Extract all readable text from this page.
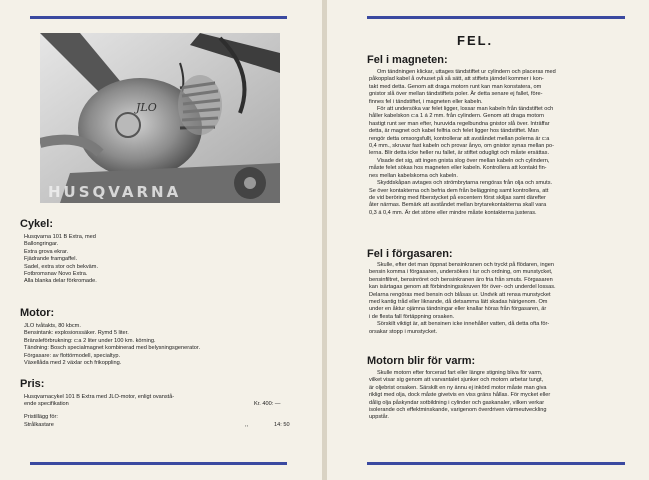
JLO
HUSQVARNA
Cykel:
Husqvarna 101 B Extra, med
Ballongringar.
Extra grova ekrar.
Fjädrande framgaffel.
Sadel, extra stor och bekväm.
Fotbromsnav Novo Extra.
Alla blanka delar förkromade.
Motor:
JLO tvåtakts, 80 kbcm.
Bensintank: explosionssäker. Rymd 5 liter.
Bränsleförbrukning: c:a 2 liter under 100 km. körning.
Tändning: Bosch specialmagnet kombinerad med belysningsgenerator.
Förgasare: av flottörmodell, specialtyp.
Växellåda med 2 växlar och frikoppling.
Pris:
Husqvarnacykel 101 B Extra med JLO-motor, enligt ovanstå-
ende specifikation	Kr. 400: —
Pristillägg för:
Strålkastare	,,	14: 50
FEL.
Fel i magneten:
Om tändningen klickar, uttages tändstiftet ur cylindern och placeras med
påkopplad kabel å ovhuset på så sätt, att stiftets järndel kommer i kon-
takt med detta. Genom att draga motorn runt kan man konstatera, om
gnistor slå över mellan tändstiftets poler. Är detta senare ej fallet, före-
finnes fel i tändstiftet, i magneten eller kabeln.
För att undersöka var felet ligger, lossar man kabeln från tändstiftet och
håller kabelskon c:a 1 á 2 mm. från cylindern. Genom att draga motorn
hastigt runt ser man efter, huruvida regelbundna gnistor slå över. Inträffar
detta, är magnet och kabel felfria och felet ligger hos tändstiftet. Man
rengör detta omsorgsfullt, kontrollerar att avståndet mellan polerna är c:a
0,4 mm., skruvar fast kabeln och provar ånyo, om gnistor synas mellan po-
lerna. Blir detta icke heller nu fallet, är stiftet odugligt och måste ersättas.
Visade det sig, att ingen gnista slog över mellan kabeln och cylindern,
måste felet sökas hos magneten eller kabeln. Kontrollera att kontakt fin-
nes mellan kabelskorna och kabeln.
Skyddskåpan avtages och strömbrytarna rengöras från olja och smuts.
Se över kontakterna och befria dem från beläggning samt kontrollera, att
de vid beröring med fiberstycket på excentern först skiljas samt därefter
åter närmas. Bemärk att avståndet mellan brytarekontakterna skall vara
0,3 á 0,4 mm. Är det större eller mindre måste kontakterna justeras.
Fel i förgasaren:
Skulle, efter det man öppnat bensinkranen och tryckt på flödaren, ingen
bensin komma i förgasaren, undersökes i tur och ordning, om munstycket,
bensinfiltret, bensinröret och bensinkranen äro fria från smuts. Förgasaren
kan isärtagas genom att förbindningsskruven för över- och underdel lossas.
Delarna rengöras med bensin och blåsas ur. Undvik att rensa munstycket
med kantig tråd eller liknande, då detsamma lätt skadas härigenom. Om
under en åktur ojämna tändningar eller knallar höras från förgasaren, är
i de flesta fall förtäppning orsaken.
Sörskilt viktigt är, att bensinen icke innehåller vatten, då detta ofta för-
orsakar stopp i munstycket.
Motorn blir för varm:
Skulle motorn efter forcerad fart eller längre stigning bliva för varm,
vilket visar sig genom att varvantalet sjunker och motorn arbetar tungt,
är oljebrist orsaken. Särskilt en ny ännu ej inkörd motor måste man giva
rikligt med olja, dock måste givetvis en viss gräns hållas. För mycket eller
dålig olja påskyndar sotbildning i cylinder och gaskanaler, vilken verkar
isolerande och effektminskande, varigenom överdriven värmeutveckling
uppstår.
